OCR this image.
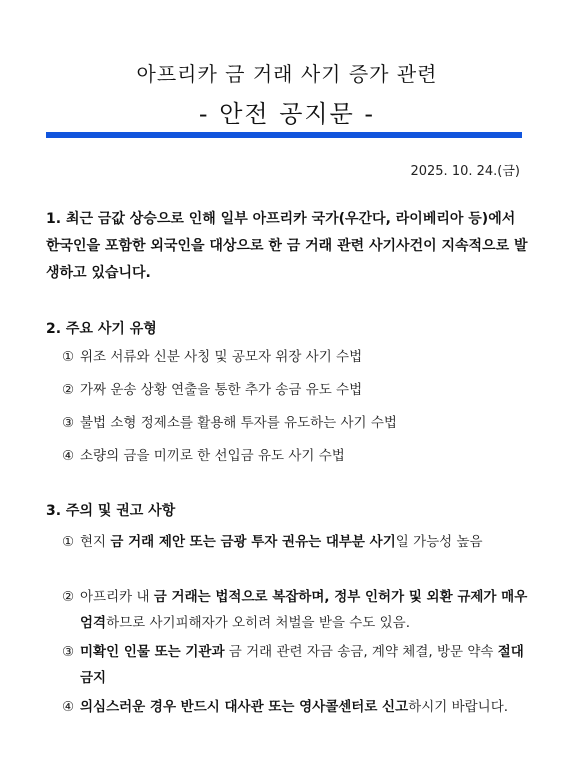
아프리카 금 거래 사기 증가 관련
- 안전 공지문 -
2025. 10. 24.(금)
1. 최근 금값 상승으로 인해 일부 아프리카 국가(우간다, 라이베리아 등)에서 한국인을 포함한 외국인을 대상으로 한 금 거래 관련 사기사건이 지속적으로 발생하고 있습니다.
2. 주요 사기 유형
① 위조 서류와 신분 사칭 및 공모자 위장 사기 수법
② 가짜 운송 상황 연출을 통한 추가 송금 유도 수법
③ 불법 소형 정제소를 활용해 투자를 유도하는 사기 수법
④ 소량의 금을 미끼로 한 선입금 유도 사기 수법
3. 주의 및 권고 사항
① 현지 금 거래 제안 또는 금광 투자 권유는 대부분 사기일 가능성 높음
② 아프리카 내 금 거래는 법적으로 복잡하며, 정부 인허가 및 외환 규제가 매우 엄격하므로 사기피해자가 오히려 처벌을 받을 수도 있음.
③ 미확인 인물 또는 기관과 금 거래 관련 자금 송금, 계약 체결, 방문 약속 절대 금지
④ 의심스러운 경우 반드시 대사관 또는 영사콜센터로 신고하시기 바랍니다.
